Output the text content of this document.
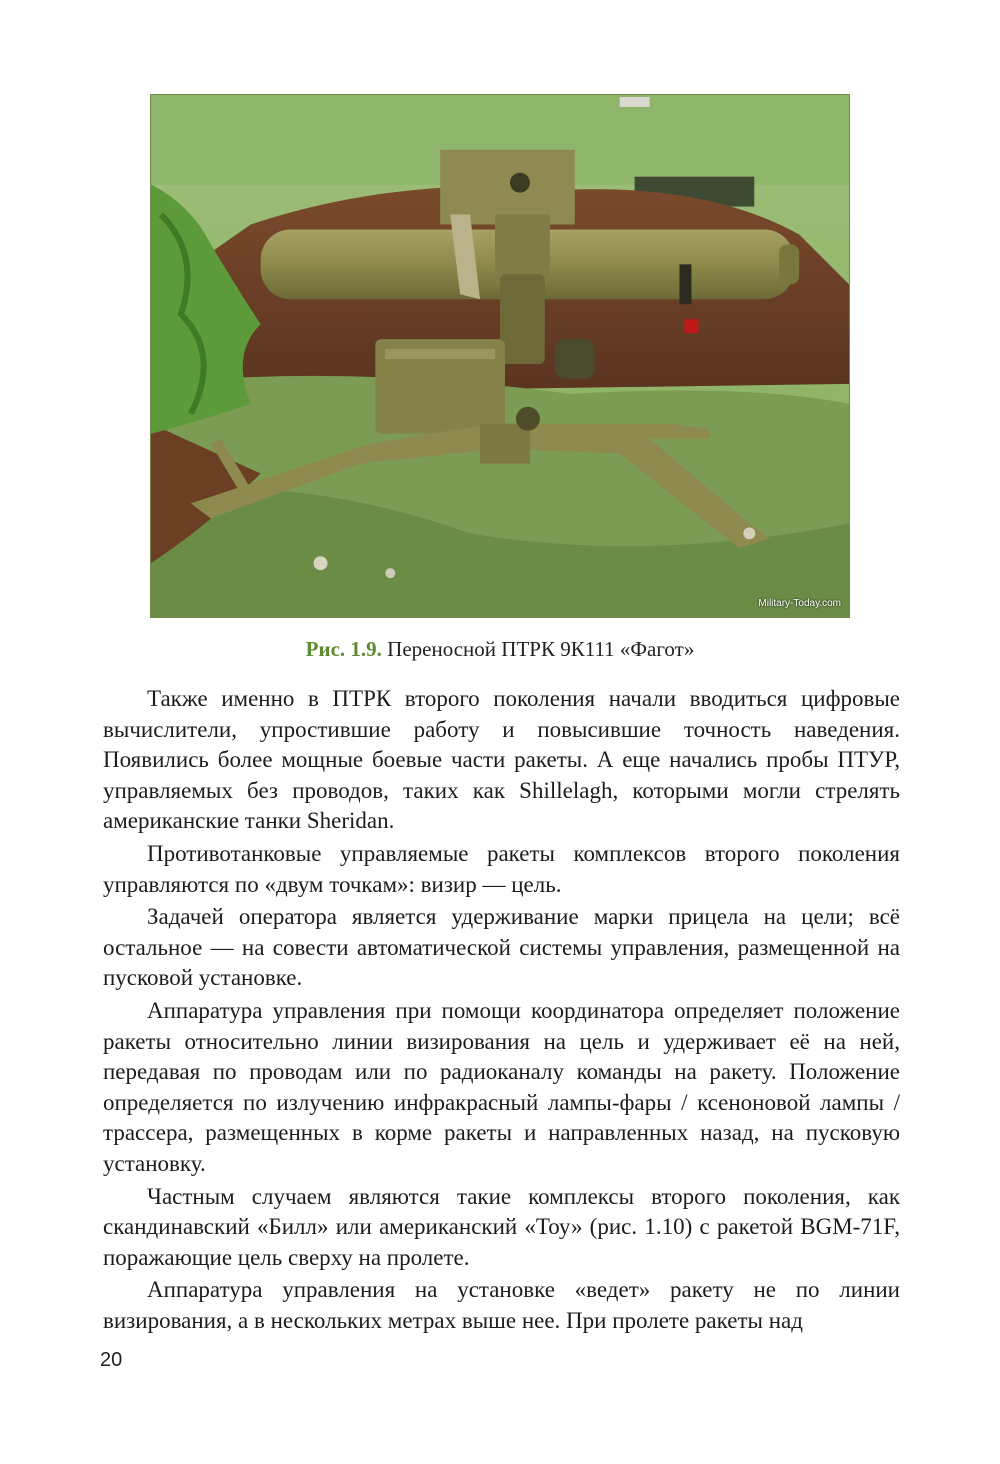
Military-Today.com
Рис. 1.9. Переносной ПТРК 9К111 «Фагот»

Также именно в ПТРК второго поколения начали вводиться цифровые вычислители, упростившие работу и повысившие точность наведения. Появились более мощные боевые части ракеты. А еще начались пробы ПТУР, управляемых без проводов, таких как Shillelagh, которыми могли стрелять американские танки Sheridan.

Противотанковые управляемые ракеты комплексов второго поколения управляются по «двум точкам»: визир — цель.

Задачей оператора является удерживание марки прицела на цели; всё остальное — на совести автоматической системы управления, размещенной на пусковой установке.

Аппаратура управления при помощи координатора определяет положение ракеты относительно линии визирования на цель и удерживает её на ней, передавая по проводам или по радиоканалу команды на ракету. Положение определяется по излучению инфракрасный лампы-фары / ксеноновой лампы / трассера, размещенных в корме ракеты и направленных назад, на пусковую установку.

Частным случаем являются такие комплексы второго поколения, как скандинавский «Билл» или американский «Тоу» (рис. 1.10) с ракетой BGM-71F, поражающие цель сверху на пролете.

Аппаратура управления на установке «ведет» ракету не по линии визирования, а в нескольких метрах выше нее. При пролете ракеты над

20
